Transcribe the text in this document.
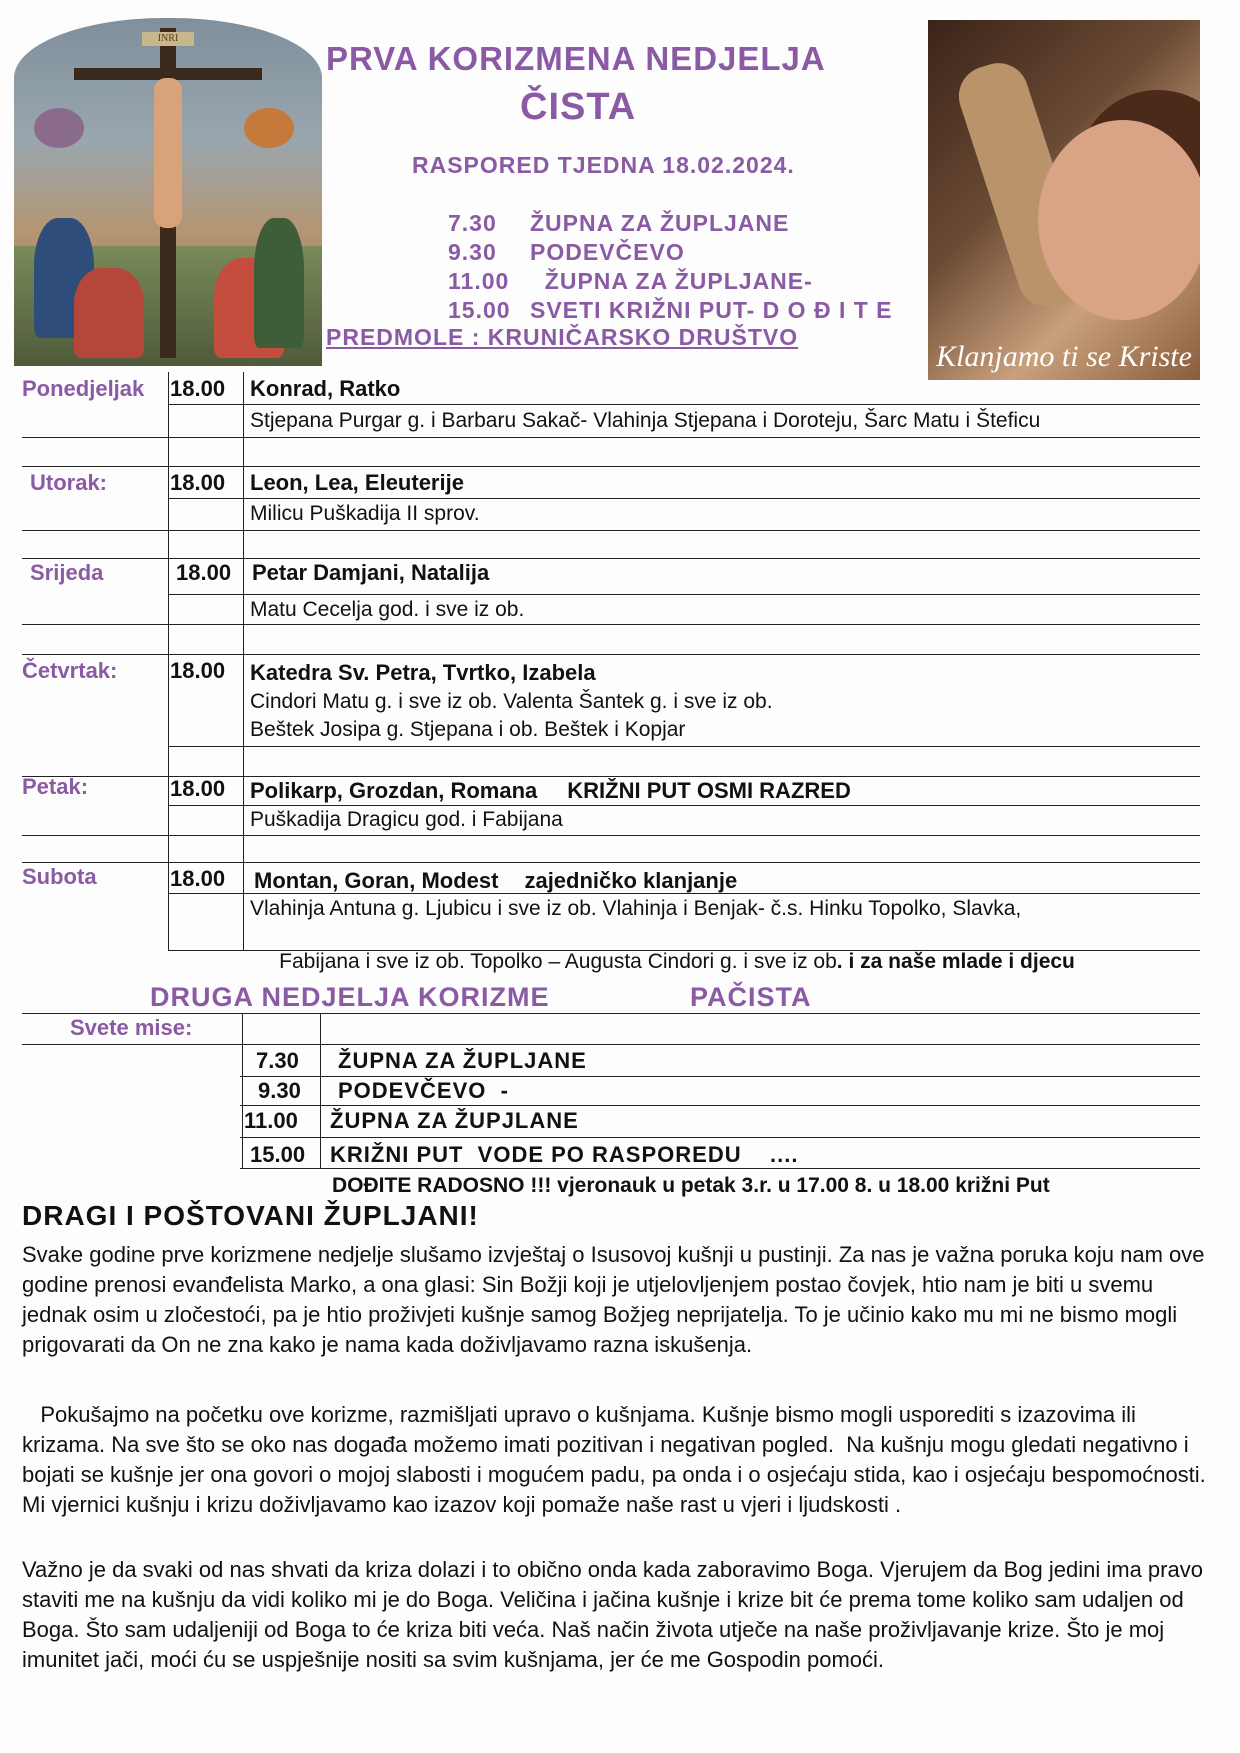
INRI
PRVA KORIZMENA NEDJELJA
ČISTA
RASPORED TJEDNA 18.02.2024.
7.30 ŽUPNA ZA ŽUPLJANE
9.30 PODEVČEVO
11.00  ŽUPNA ZA ŽUPLJANE-
15.00 SVETI KRIŽNI PUT- D O Đ I T E
PREDMOLE : KRUNIČARSKO DRUŠTVO
Klanjamo ti se Kriste
Ponedjeljak 18.00 Konrad, Ratko
Stjepana Purgar g. i Barbaru Sakač- Vlahinja Stjepana i Doroteju, Šarc Matu i Šteficu
Utorak:	18.00 Leon, Lea, Eleuterije
Milicu Puškadija II sprov.
Srijeda	18.00 Petar Damjani, Natalija
Matu Cecelja god. i sve iz ob.
Četvrtak: 18.00 Katedra Sv. Petra, Tvrtko, Izabela
Cindori Matu g. i sve iz ob. Valenta Šantek g. i sve iz ob.
Beštek Josipa g. Stjepana i ob. Beštek i Kopjar
Petak:	18.00 Polikarp, Grozdan, Romana KRIŽNI PUT OSMI RAZRED
Puškadija Dragicu god. i Fabijana
Subota	18.00 Montan, Goran, Modest zajedničko klanjanje
Vlahinja Antuna g. Ljubicu i sve iz ob. Vlahinja i Benjak- č.s. Hinku Topolko, Slavka,

Fabijana i sve iz ob. Topolko – Augusta Cindori g. i sve iz ob. i za naše mlade i djecu

DRUGA NEDJELJA KORIZME	PAČISTA
Svete mise:
7.30 ŽUPNA ZA ŽUPLJANE
9.30 PODEVČEVO  -
11.00 ŽUPNA ZA ŽUPJLANE
15.00 KRIŽNI PUT  VODE PO RASPOREDU    ....
DOĐITE RADOSNO !!! vjeronauk u petak 3.r. u 17.00 8. u 18.00 križni Put
DRAGI I POŠTOVANI ŽUPLJANI!

Svake godine prve korizmene nedjelje slušamo izvještaj o Isusovoj kušnji u pustinji. Za nas je važna poruka koju nam ove godine prenosi evanđelista Marko, a ona glasi: Sin Božji koji je utjelovljenjem postao čovjek, htio nam je biti u svemu jednak osim u zločestoći, pa je htio proživjeti kušnje samog Božjeg neprijatelja. To je učinio kako mu mi ne bismo mogli prigovarati da On ne zna kako je nama kada doživljavamo razna iskušenja.

Pokušajmo na početku ove korizme, razmišljati upravo o kušnjama. Kušnje bismo mogli usporediti s izazovima ili krizama. Na sve što se oko nas događa možemo imati pozitivan i negativan pogled.  Na kušnju mogu gledati negativno i bojati se kušnje jer ona govori o mojoj slabosti i mogućem padu, pa onda i o osjećaju stida, kao i osjećaju bespomoćnosti. Mi vjernici kušnju i krizu doživljavamo kao izazov koji pomaže naše rast u vjeri i ljudskosti .

Važno je da svaki od nas shvati da kriza dolazi i to obično onda kada zaboravimo Boga. Vjerujem da Bog jedini ima pravo staviti me na kušnju da vidi koliko mi je do Boga. Veličina i jačina kušnje i krize bit će prema tome koliko sam udaljen od Boga. Što sam udaljeniji od Boga to će kriza biti veća. Naš način života utječe na naše proživljavanje krize. Što je moj imunitet jači, moći ću se uspješnije nositi sa svim kušnjama, jer će me Gospodin pomoći.
